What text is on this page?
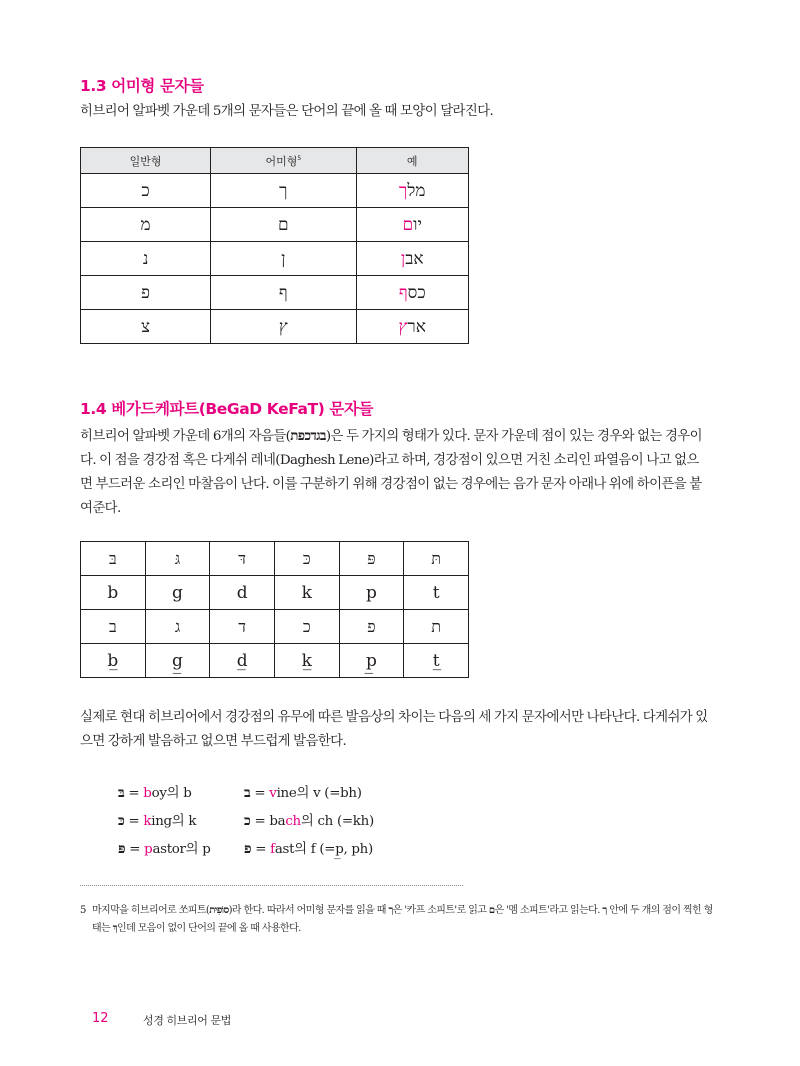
1.3 어미형 문자들
히브리어 알파벳 가운데 5개의 문자들은 단어의 끝에 올 때 모양이 달라진다.
일반형	어미형$^5$	예
כ	ך	מלך
מ	ם	יום
נ	ן	אבן
פ	ף	כסף
צ	ץ	ארץ
1.4 베가드케파트(BeGaD KeFaT) 문자들
히브리어 알파벳 가운데 6개의 자음들(בגדכפת)은 두 가지의 형태가 있다. 문자 가운데 점이 있는 경우와 없는 경우이다. 이 점을 경강점 혹은 다게쉬 레네(Daghesh Lene)라고 하며, 경강점이 있으면 거친 소리인 파열음이 나고 없으면 부드러운 소리인 마찰음이 난다. 이를 구분하기 위해 경강점이 없는 경우에는 음가 문자 아래나 위에 하이픈을 붙여준다.
בּ	גּ	דּ	כּ	פּ	תּ
b	g	d	k	p	t
ב	ג	ד	כ	פ	ת
b̲	g̲	d̲	k̲	p̲	t̲
실제로 현대 히브리어에서 경강점의 유무에 따른 발음상의 차이는 다음의 세 가지 문자에서만 나타난다. 다게쉬가 있으면 강하게 발음하고 없으면 부드럽게 발음한다.
בּ = boy의 b	ב = vine의 v (=bh)
כּ = king의 k	כ = bach의 ch (=kh)
פּ = pastor의 p פ = fast의 f (=p̲, ph)
5 마지막을 히브리어로 쏘피트(סוֹפִית)라 한다. 따라서 어미형 문자를 읽을 때 ך은 '카프 소피트'로 읽고 ם은 '멤 소피트'라고 읽는다. ך 안에 두 개의 점이 찍힌 형태는 ךְ인데 모음이 없이 단어의 끝에 올 때 사용한다.
12	성경 히브리어 문법
